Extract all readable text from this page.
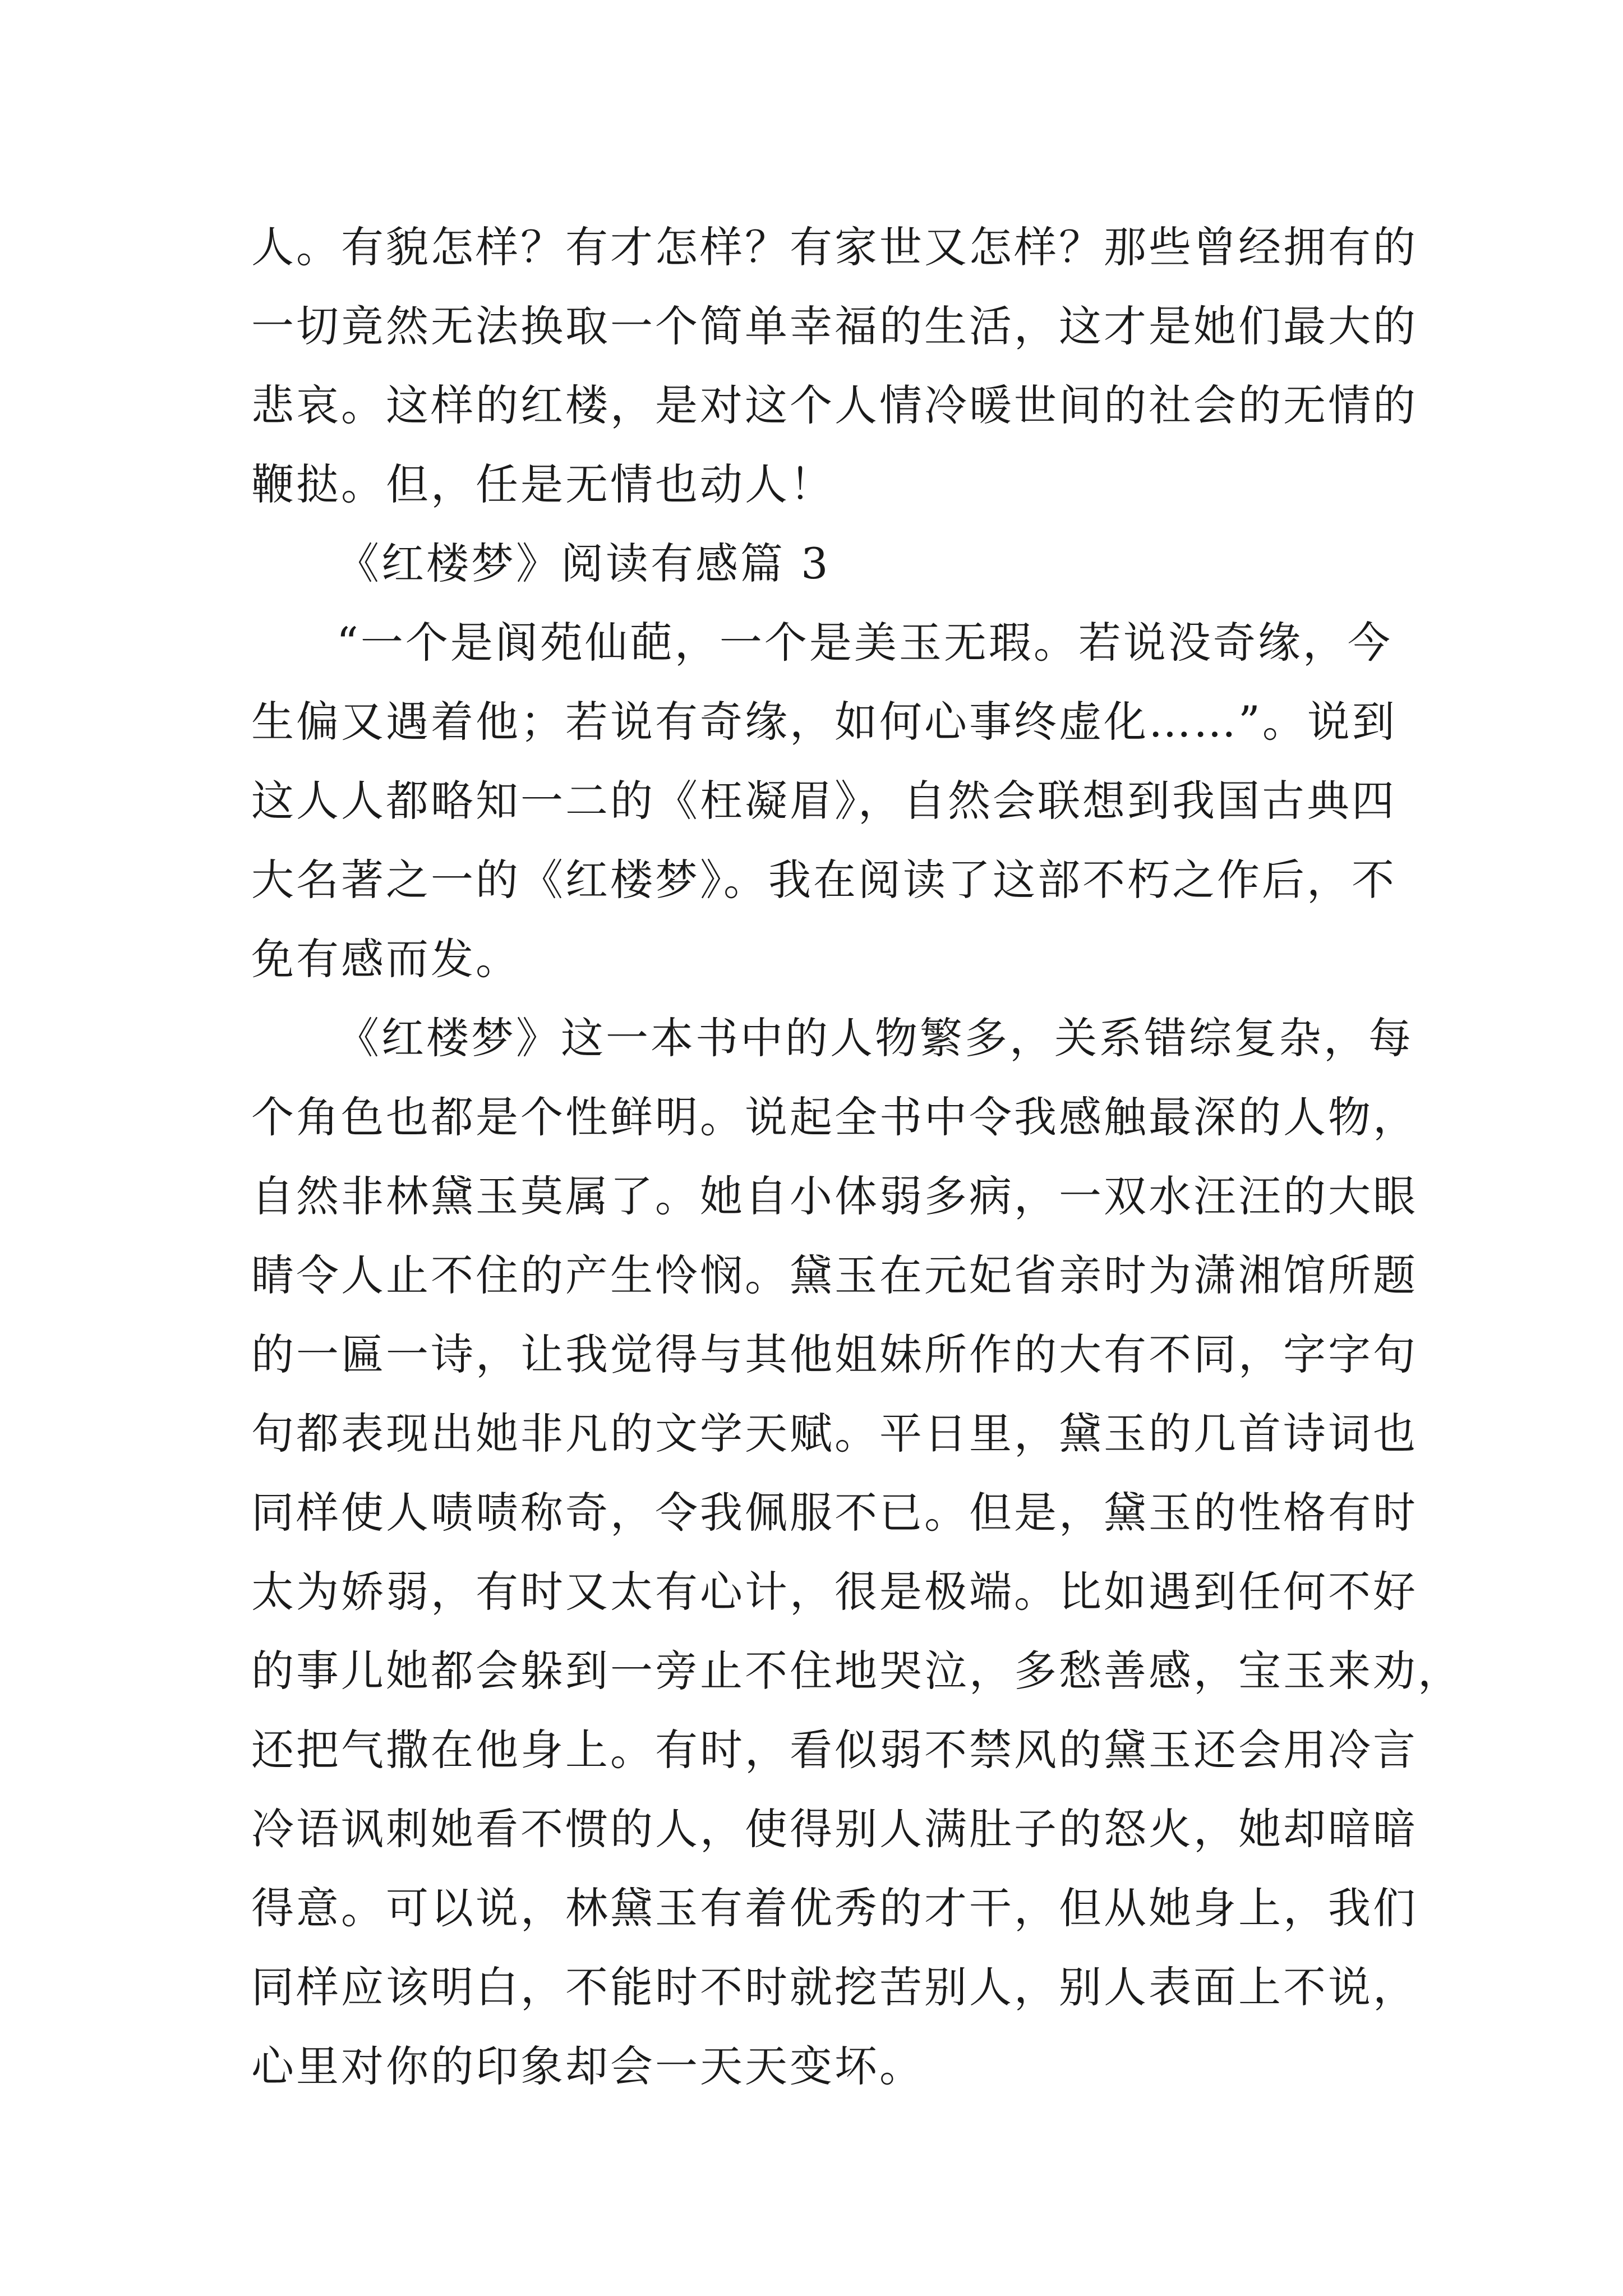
人。有貌怎样？有才怎样？有家世又怎样？那些曾经拥有的
一切竟然无法换取一个简单幸福的生活，这才是她们最大的
悲哀。这样的红楼，是对这个人情冷暖世间的社会的无情的
鞭挞。但，任是无情也动人！
《红楼梦》阅读有感篇 3
“一个是阆苑仙葩，一个是美玉无瑕。若说没奇缘，今
生偏又遇着他；若说有奇缘，如何心事终虚化……”。说到
这人人都略知一二的《枉凝眉》，自然会联想到我国古典四
大名著之一的《红楼梦》。我在阅读了这部不朽之作后，不
免有感而发。
《红楼梦》这一本书中的人物繁多，关系错综复杂，每
个角色也都是个性鲜明。说起全书中令我感触最深的人物，
自然非林黛玉莫属了。她自小体弱多病，一双水汪汪的大眼
睛令人止不住的产生怜悯。黛玉在元妃省亲时为潇湘馆所题
的一匾一诗，让我觉得与其他姐妹所作的大有不同，字字句
句都表现出她非凡的文学天赋。平日里，黛玉的几首诗词也
同样使人啧啧称奇，令我佩服不已。但是，黛玉的性格有时
太为娇弱，有时又太有心计，很是极端。比如遇到任何不好
的事儿她都会躲到一旁止不住地哭泣，多愁善感，宝玉来劝，
还把气撒在他身上。有时，看似弱不禁风的黛玉还会用冷言
冷语讽刺她看不惯的人，使得别人满肚子的怒火，她却暗暗
得意。可以说，林黛玉有着优秀的才干，但从她身上，我们
同样应该明白，不能时不时就挖苦别人，别人表面上不说，
心里对你的印象却会一天天变坏。
